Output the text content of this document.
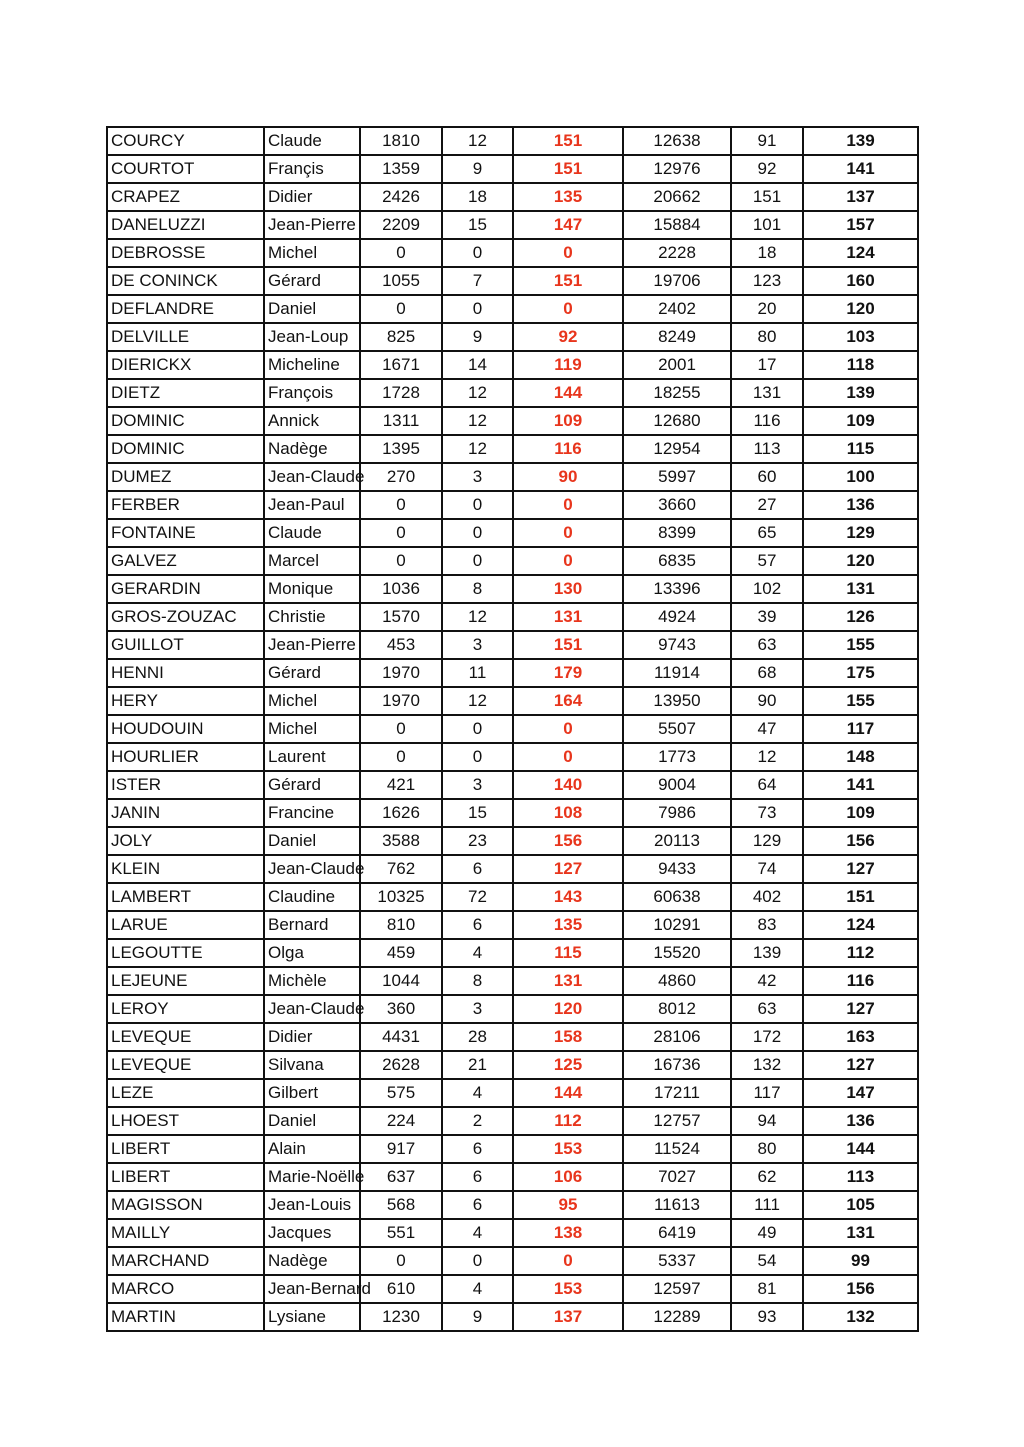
COURCY	Claude	1810	12	151	12638	91	139
COURTOT	Françis	1359	9	151	12976	92	141
CRAPEZ	Didier	2426	18	135	20662	151	137
DANELUZZI	Jean-Pierre	2209	15	147	15884	101	157
DEBROSSE	Michel	0	0	0	2228	18	124
DE CONINCK	Gérard	1055	7	151	19706	123	160
DEFLANDRE	Daniel	0	0	0	2402	20	120
DELVILLE	Jean-Loup	825	9	92	8249	80	103
DIERICKX	Micheline	1671	14	119	2001	17	118
DIETZ	François	1728	12	144	18255	131	139
DOMINIC	Annick	1311	12	109	12680	116	109
DOMINIC	Nadège	1395	12	116	12954	113	115
DUMEZ	Jean-Claude	270	3	90	5997	60	100
FERBER	Jean-Paul	0	0	0	3660	27	136
FONTAINE	Claude	0	0	0	8399	65	129
GALVEZ	Marcel	0	0	0	6835	57	120
GERARDIN	Monique	1036	8	130	13396	102	131
GROS-ZOUZAC	Christie	1570	12	131	4924	39	126
GUILLOT	Jean-Pierre	453	3	151	9743	63	155
HENNI	Gérard	1970	11	179	11914	68	175
HERY	Michel	1970	12	164	13950	90	155
HOUDOUIN	Michel	0	0	0	5507	47	117
HOURLIER	Laurent	0	0	0	1773	12	148
ISTER	Gérard	421	3	140	9004	64	141
JANIN	Francine	1626	15	108	7986	73	109
JOLY	Daniel	3588	23	156	20113	129	156
KLEIN	Jean-Claude	762	6	127	9433	74	127
LAMBERT	Claudine	10325	72	143	60638	402	151
LARUE	Bernard	810	6	135	10291	83	124
LEGOUTTE	Olga	459	4	115	15520	139	112
LEJEUNE	Michèle	1044	8	131	4860	42	116
LEROY	Jean-Claude	360	3	120	8012	63	127
LEVEQUE	Didier	4431	28	158	28106	172	163
LEVEQUE	Silvana	2628	21	125	16736	132	127
LEZE	Gilbert	575	4	144	17211	117	147
LHOEST	Daniel	224	2	112	12757	94	136
LIBERT	Alain	917	6	153	11524	80	144
LIBERT	Marie-Noëlle	637	6	106	7027	62	113
MAGISSON	Jean-Louis	568	6	95	11613	111	105
MAILLY	Jacques	551	4	138	6419	49	131
MARCHAND	Nadège	0	0	0	5337	54	99
MARCO	Jean-Bernard	610	4	153	12597	81	156
MARTIN	Lysiane	1230	9	137	12289	93	132
